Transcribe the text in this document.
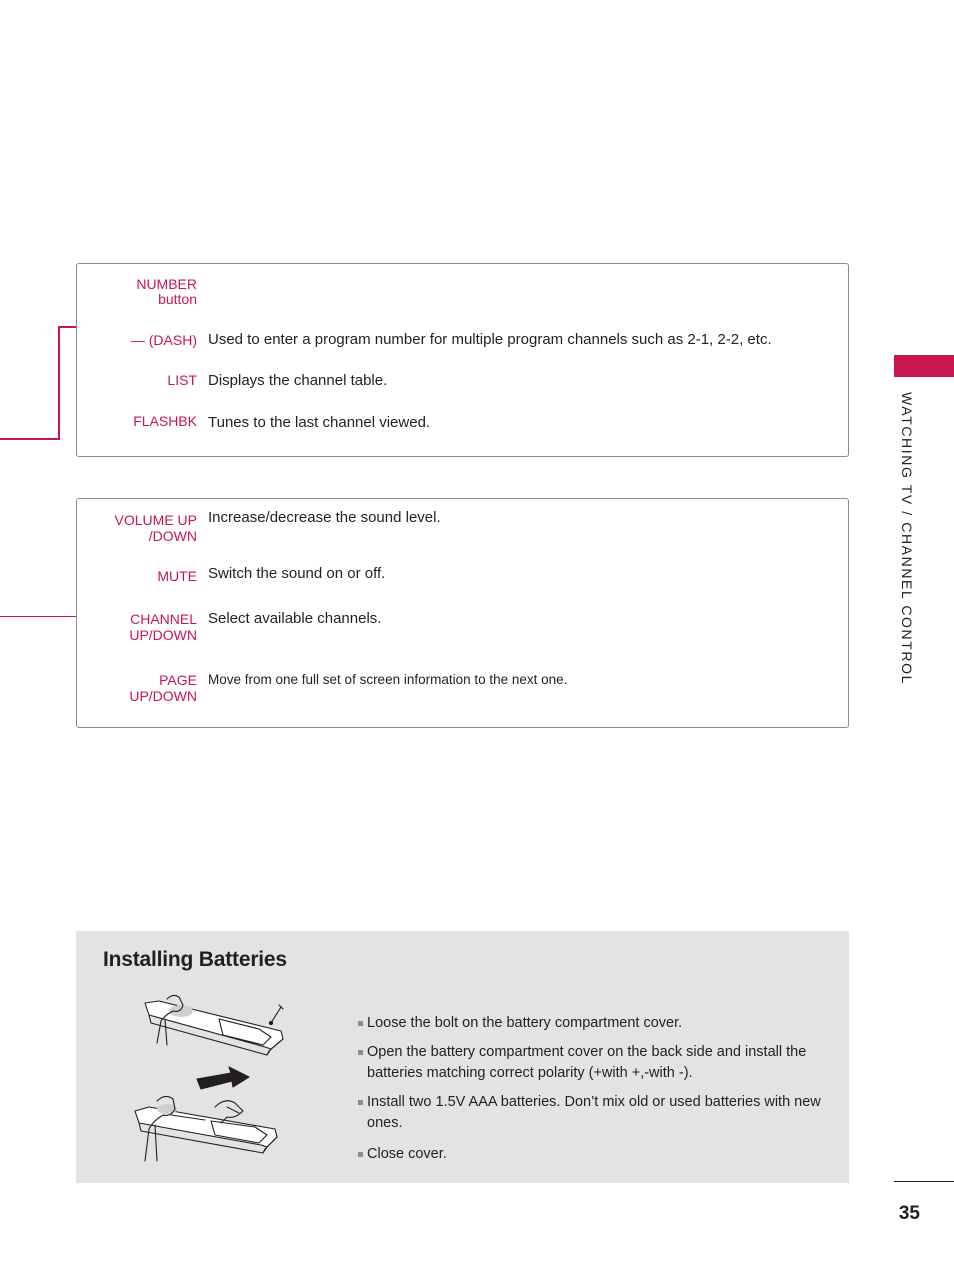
NUMBER
button
— (DASH) Used to enter a program number for multiple program channels such as 2-1, 2-2, etc.
LIST Displays the channel table.
FLASHBK Tunes to the last channel viewed.
VOLUME UP
/DOWN
Increase/decrease the sound level.
MUTE Switch the sound on or off.
CHANNEL
UP/DOWN
Select available channels.
PAGE
UP/DOWN
Move from one full set of screen information to the next one.	WATCHING TV / CHANNEL CONTROL
Installing Batteries
Loose the bolt on the battery compartment cover.
Open the battery compartment cover on the back side and install the batteries matching correct polarity (+with +,-with -).
Install two 1.5V AAA batteries. Don’t mix old or used batteries with new ones.
Close cover.
35
